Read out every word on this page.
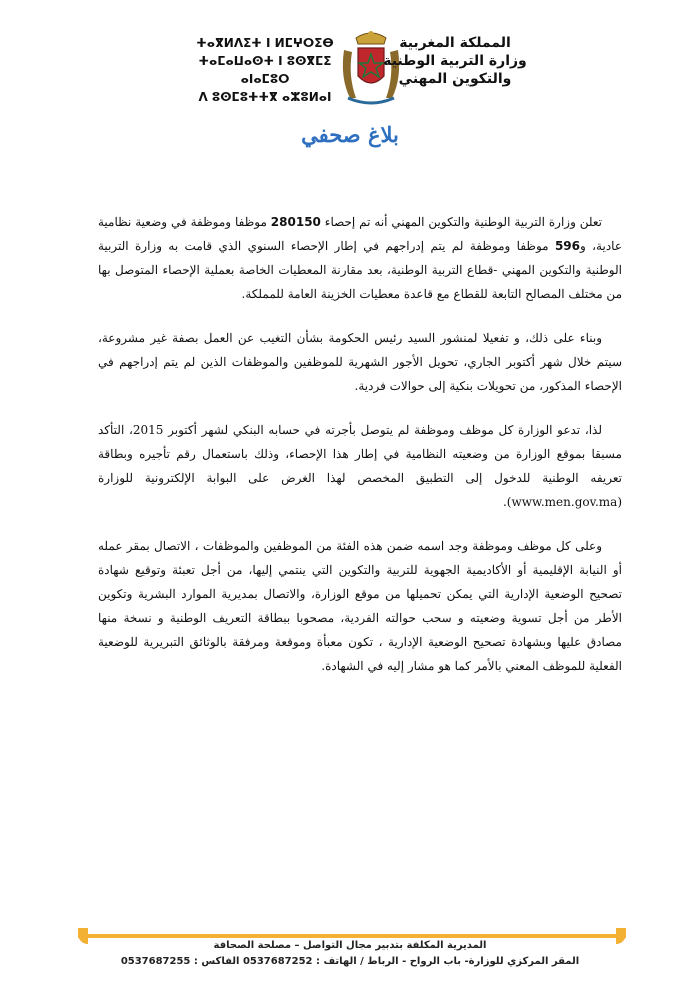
ⵜⴰⴳⵍⴷⵉⵜ ⵏ ⵍⵎⵖⵔⵉⴱ
ⵜⴰⵎⴰⵡⴰⵙⵜ ⵏ ⵓⵙⴳⵎⵉ ⴰⵏⴰⵎⵓⵔ
ⴷ ⵓⵙⵎⵓⵜⵜⴳ ⴰⵣⵓⵍⴰⵏ
المملكة المغربية
وزارة التربية الوطنية
والتكوين المهني
بلاغ صحفي

تعلن وزارة التربية الوطنية والتكوين المهني أنه تم إحصاء 280150 موظفا وموظفة في وضعية نظامية عادية، و596 موظفا وموظفة لم يتم إدراجهم في إطار الإحصاء السنوي الذي قامت به وزارة التربية الوطنية والتكوين المهني -قطاع التربية الوطنية، بعد مقارنة المعطيات الخاصة بعملية الإحصاء المتوصل بها من مختلف المصالح التابعة للقطاع مع قاعدة معطيات الخزينة العامة للمملكة.

وبناء على ذلك، و تفعيلا لمنشور السيد رئيس الحكومة بشأن التغيب عن العمل بصفة غير مشروعة، سيتم خلال شهر أكتوبر الجاري، تحويل الأجور الشهرية للموظفين والموظفات الذين لم يتم إدراجهم في الإحصاء المذكور، من تحويلات بنكية إلى حوالات فردية.

لذا، تدعو الوزارة كل موظف وموظفة لم يتوصل بأجرته في حسابه البنكي لشهر أكتوبر 2015، التأكد مسبقا بموقع الوزارة من وضعيته النظامية في إطار هذا الإحصاء، وذلك باستعمال رقم تأجيره وبطاقة تعريفه الوطنية للدخول إلى التطبيق المخصص لهذا الغرض على البوابة الإلكترونية للوزارة (www.men.gov.ma).

وعلى كل موظف وموظفة وجد اسمه ضمن هذه الفئة من الموظفين والموظفات ، الاتصال بمقر عمله أو النيابة الإقليمية أو الأكاديمية الجهوية للتربية والتكوين التي ينتمي إليها، من أجل تعبئة وتوقيع شهادة تصحيح الوضعية الإدارية التي يمكن تحميلها من موقع الوزارة، والاتصال بمديرية الموارد البشرية وتكوين الأطر من أجل تسوية وضعيته و سحب حوالته الفردية، مصحوبا ببطاقة التعريف الوطنية و نسخة منها مصادق عليها وبشهادة تصحيح الوضعية الإدارية ، تكون معبأة وموقعة ومرفقة بالوثائق التبريرية للوضعية الفعلية للموظف المعني بالأمر كما هو مشار إليه في الشهادة.

المديرية المكلفة بتدبير مجال التواصل – مصلحة الصحافة
المقر المركزي للوزارة- باب الرواح - الرباط / الهاتف : 0537687252 الفاكس : 0537687255
